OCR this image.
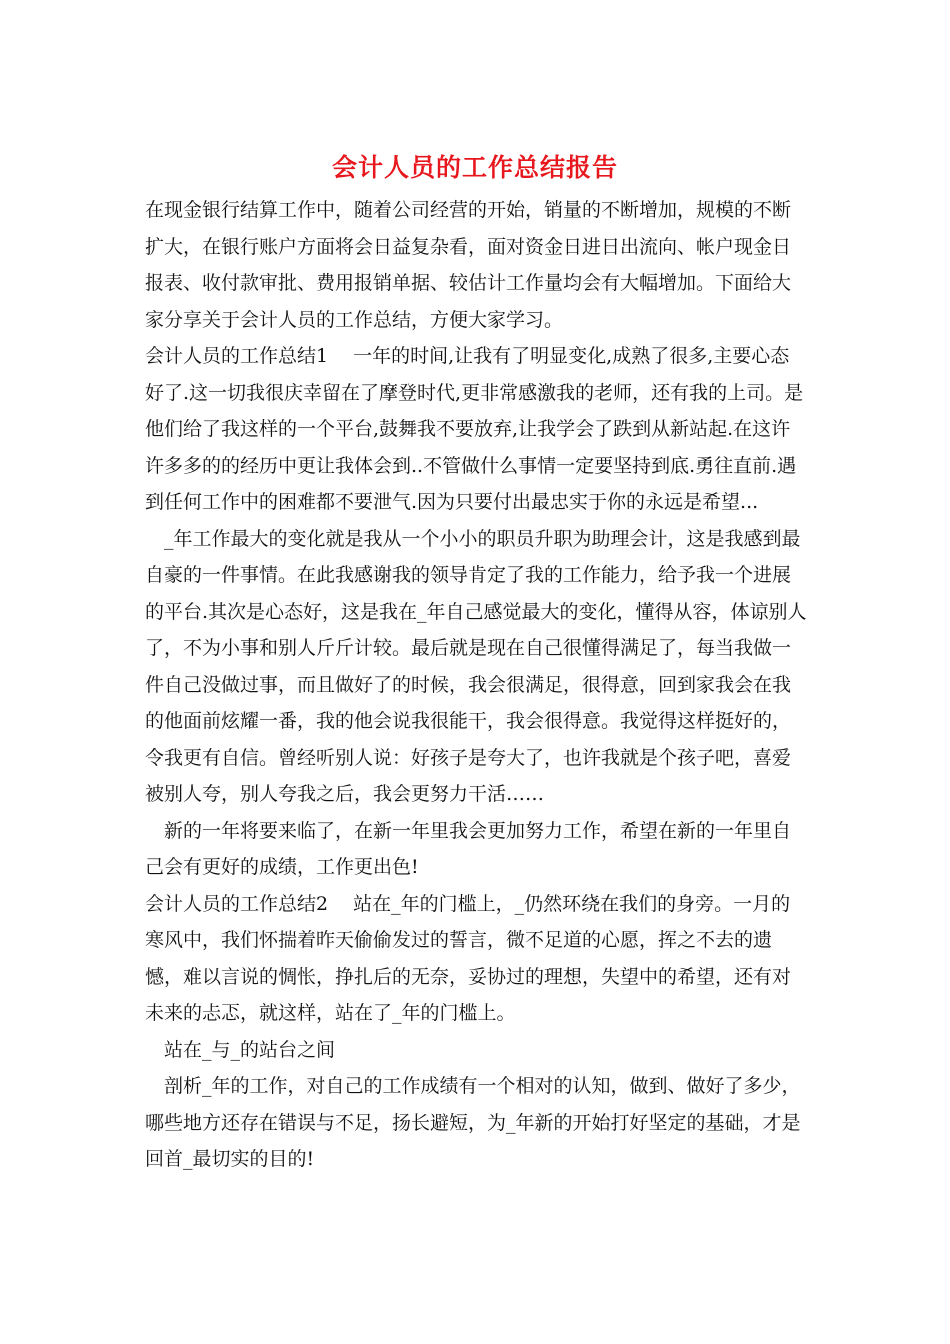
会计人员的工作总结报告

在现金银行结算工作中，随着公司经营的开始，销量的不断增加，规模的不断扩大，在银行账户方面将会日益复杂看，面对资金日进日出流向、帐户现金日报表、收付款审批、费用报销单据、较估计工作量均会有大幅增加。下面给大家分享关于会计人员的工作总结，方便大家学习。

会计人员的工作总结1　 一年的时间,让我有了明显变化,成熟了很多,主要心态好了.这一切我很庆幸留在了摩登时代,更非常感激我的老师，还有我的上司。是他们给了我这样的一个平台,鼓舞我不要放弃,让我学会了跌到从新站起.在这许许多多的的经历中更让我体会到..不管做什么事情一定要坚持到底.勇往直前.遇到任何工作中的困难都不要泄气.因为只要付出最忠实于你的永远是希望...

_年工作最大的变化就是我从一个小小的职员升职为助理会计，这是我感到最自豪的一件事情。在此我感谢我的领导肯定了我的工作能力，给予我一个进展的平台.其次是心态好，这是我在_年自己感觉最大的变化，懂得从容，体谅别人了，不为小事和别人斤斤计较。最后就是现在自己很懂得满足了，每当我做一件自己没做过事，而且做好了的时候，我会很满足，很得意，回到家我会在我的他面前炫耀一番，我的他会说我很能干，我会很得意。我觉得这样挺好的，令我更有自信。曾经听别人说：好孩子是夸大了，也许我就是个孩子吧，喜爱被别人夸，别人夸我之后，我会更努力干活……

新的一年将要来临了，在新一年里我会更加努力工作，希望在新的一年里自己会有更好的成绩，工作更出色!

会计人员的工作总结2　 站在_年的门槛上，_仍然环绕在我们的身旁。一月的寒风中，我们怀揣着昨天偷偷发过的誓言，微不足道的心愿，挥之不去的遗憾，难以言说的惆怅，挣扎后的无奈，妥协过的理想，失望中的希望，还有对未来的忐忑，就这样，站在了_年的门槛上。

站在_与_的站台之间

剖析_年的工作，对自己的工作成绩有一个相对的认知，做到、做好了多少，哪些地方还存在错误与不足，扬长避短，为_年新的开始打好坚定的基础，才是回首_最切实的目的!
